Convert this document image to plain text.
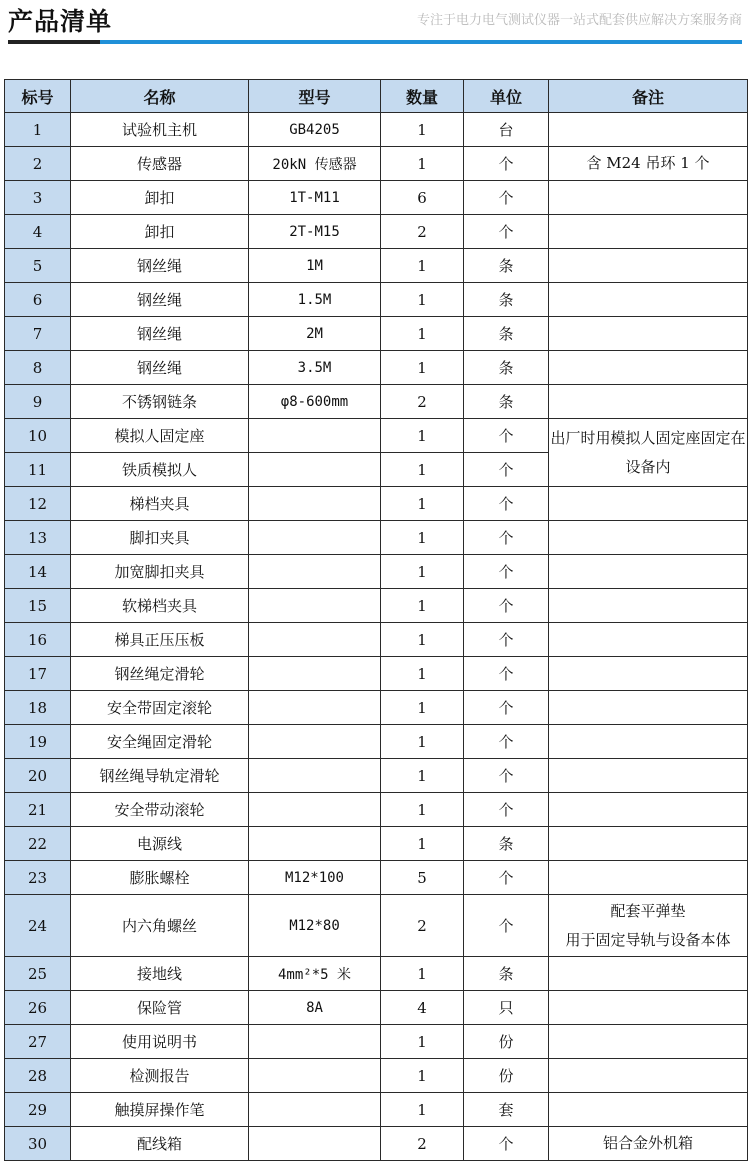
产品清单	专注于电力电气测试仪器一站式配套供应解决方案服务商
标号	名称	型号	数量	单位	备注
1	试验机主机	GB4205	1	台	
2	传感器	20kN 传感器	1	个	含 M24 吊环 1 个
3	卸扣	1T-M11	6	个	
4	卸扣	2T-M15	2	个	
5	钢丝绳	1M	1	条	
6	钢丝绳	1.5M	1	条	
7	钢丝绳	2M	1	条	
8	钢丝绳	3.5M	1	条	
9	不锈钢链条	φ8-600mm	2	条	
10	模拟人固定座		1	个	出厂时用模拟人固定座固定在设备内
11	铁质模拟人		1	个	
12	梯档夹具		1	个	
13	脚扣夹具		1	个	
14	加宽脚扣夹具		1	个	
15	软梯档夹具		1	个	
16	梯具正压压板		1	个	
17	钢丝绳定滑轮		1	个	
18	安全带固定滚轮		1	个	
19	安全绳固定滑轮		1	个	
20	钢丝绳导轨定滑轮		1	个	
21	安全带动滚轮		1	个	
22	电源线		1	条	
23	膨胀螺栓	M12*100	5	个	
24	内六角螺丝	M12*80	2	个	配套平弹垫
用于固定导轨与设备本体
25	接地线	4mm²*5 米	1	条	
26	保险管	8A	4	只	
27	使用说明书		1	份	
28	检测报告		1	份	
29	触摸屏操作笔		1	套	
30	配线箱		2	个	铝合金外机箱
